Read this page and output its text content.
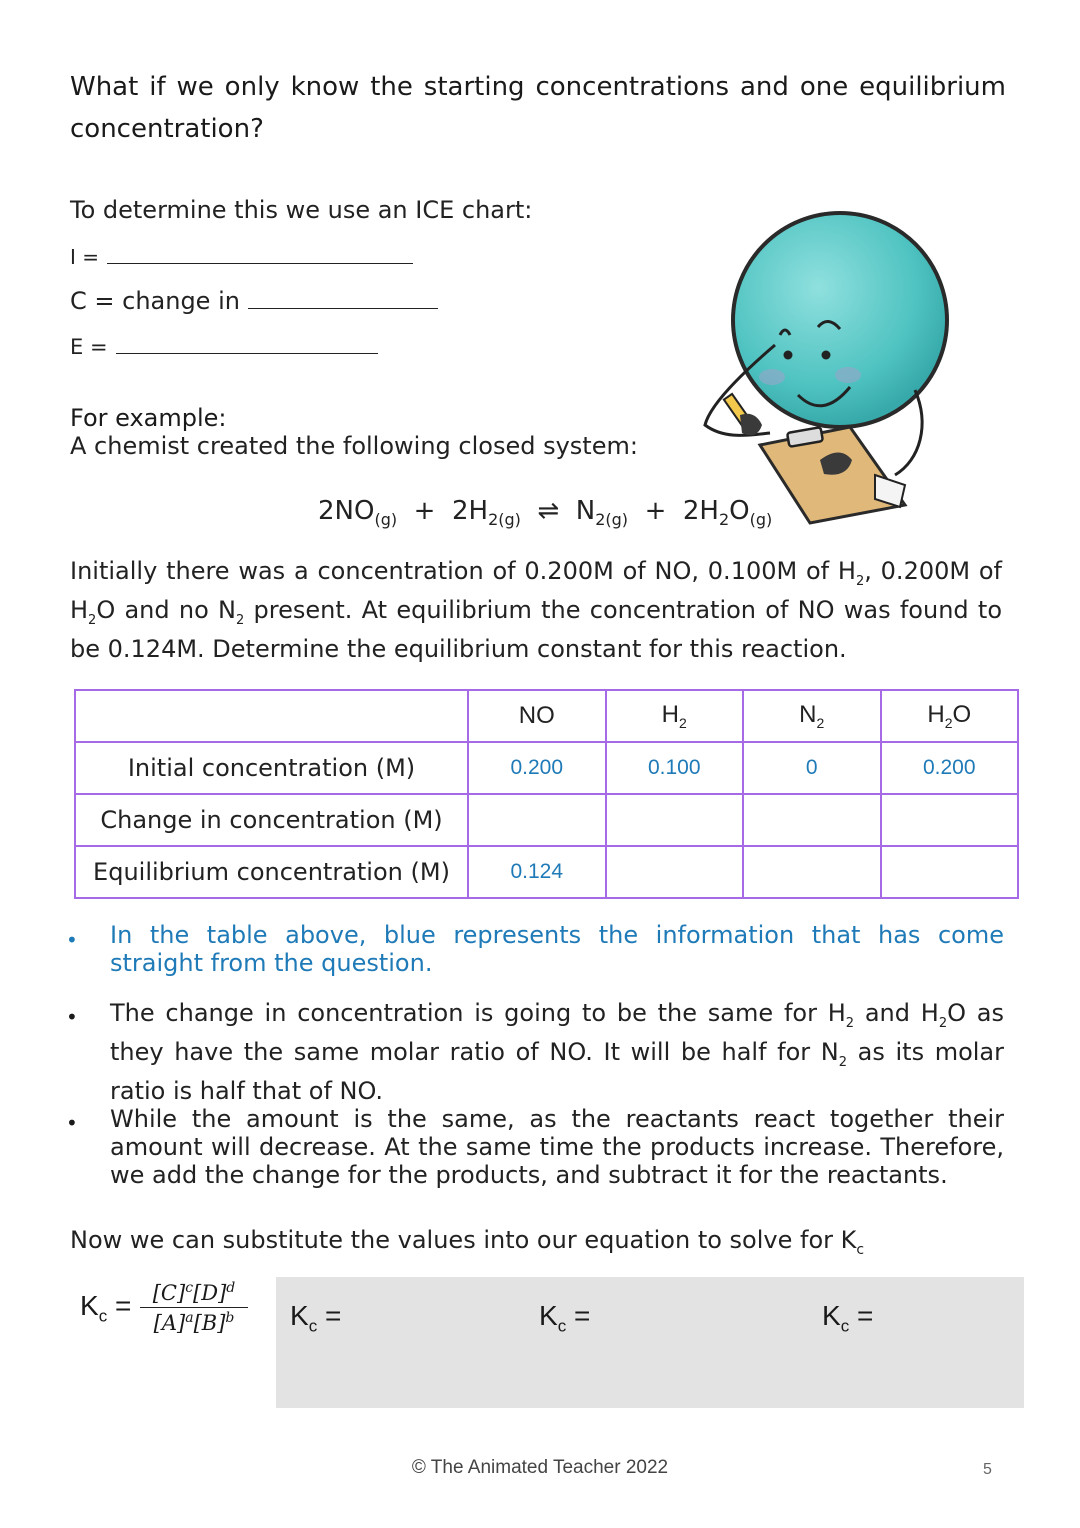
What if we only know the starting concentrations and one equilibrium concentration?
To determine this we use an ICE chart:
I =
C = change in
E =
For example:
A chemist created the following closed system:
$2NO_{(g)} + 2H_{2(g)}$ ⇌ $N_{2(g)} + 2H_2O_{(g)}$
Initially there was a concentration of 0.200M of NO, 0.100M of $H_2$, 0.200M of $H_2O$ and no $N_2$ present. At equilibrium the concentration of NO was found to be 0.124M. Determine the equilibrium constant for this reaction.
	NO	$H_2$	$N_2$	$H_2O$
Initial concentration (M)	0.200	0.100	0	0.200
Change in concentration (M)				
Equilibrium concentration (M)	0.124			
• In the table above, blue represents the information that has come straight from the question.
• The change in concentration is going to be the same for $H_2$ and $H_2O$ as they have the same molar ratio of NO. It will be half for $N_2$ as its molar ratio is half that of NO.
• While the amount is the same, as the reactants react together their amount will decrease. At the same time the products increase. Therefore, we add the change for the products, and subtract it for the reactants.
Now we can substitute the values into our equation to solve for $K_c$
$K_c = \frac{[C]^c[D]^d}{[A]^a[B]^b} K_c$ =	$K_c$ =	$K_c$ =
© The Animated Teacher 2022	5
